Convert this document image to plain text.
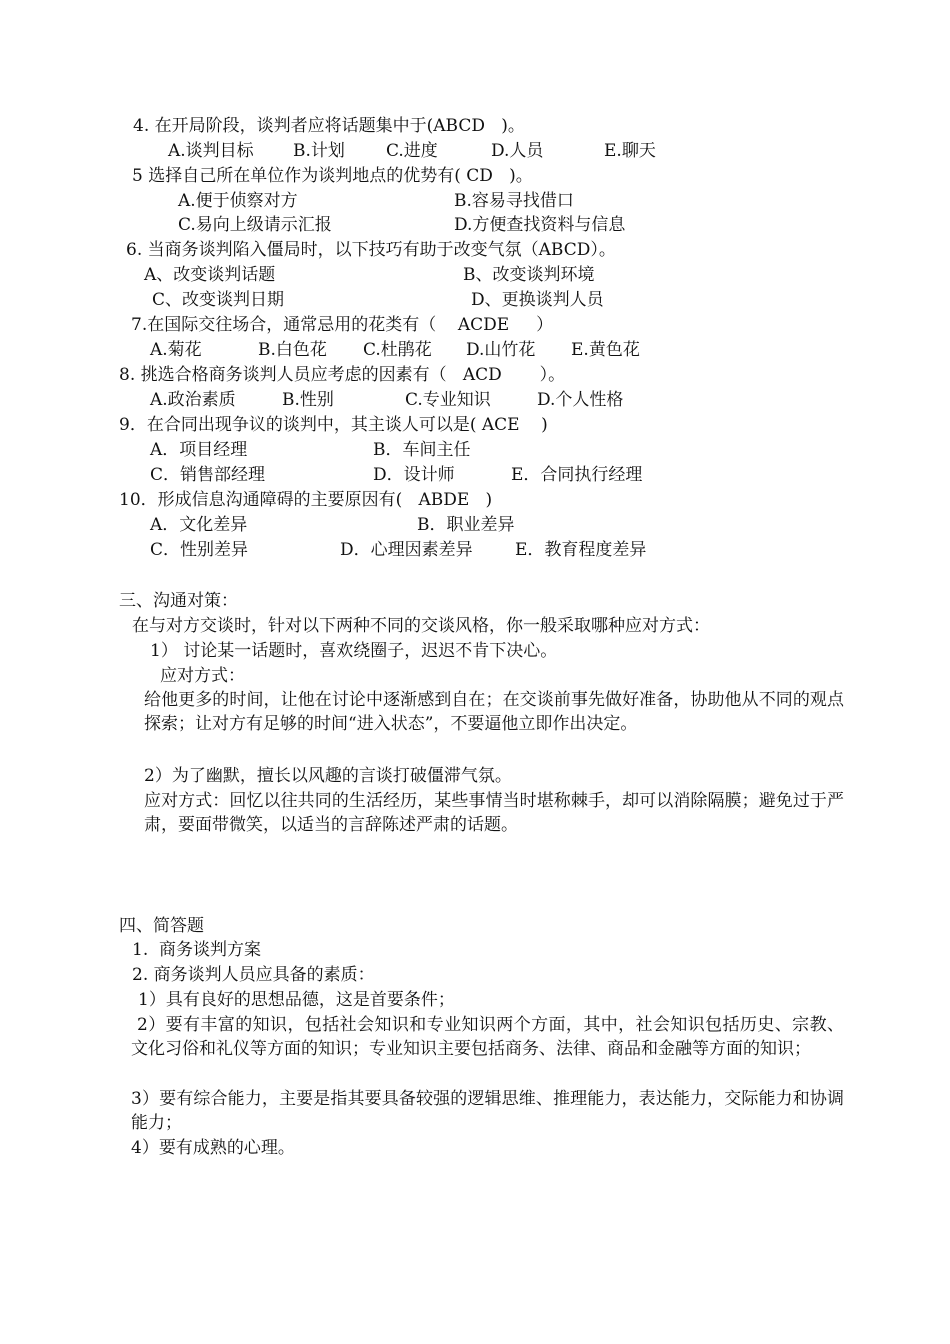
4. 在开局阶段，谈判者应将话题集中于(ABCD   )。
A.谈判目标 B.计划 C.进度	D.人员	E.聊天
5 选择自己所在单位作为谈判地点的优势有( CD   )。
A.便于侦察对方	B.容易寻找借口
C.易向上级请示汇报	D.方便查找资料与信息
6. 当商务谈判陷入僵局时，以下技巧有助于改变气氛（ABCD）。
A、改变谈判话题	B、改变谈判环境
C、改变谈判日期	D、更换谈判人员
7.在国际交往场合，通常忌用的花类有（    ACDE     ）
A.菊花	B.白色花 C.杜鹃花 D.山竹花 E.黄色花
8. 挑选合格商务谈判人员应考虑的因素有（   ACD       ）。
A.政治素质	B.性别	C.专业知识	D.个人性格
9．在合同出现争议的谈判中，其主谈人可以是( ACE    )
A．项目经理	B．车间主任
C．销售部经理	D．设计师	E．合同执行经理
10．形成信息沟通障碍的主要原因有(   ABDE   )
A．文化差异	B．职业差异
C．性别差异	D．心理因素差异 E．教育程度差异
三、沟通对策：
在与对方交谈时，针对以下两种不同的交谈风格，你一般采取哪种应对方式：
1） 讨论某一话题时，喜欢绕圈子，迟迟不肯下决心。
应对方式：
给他更多的时间，让他在讨论中逐渐感到自在；在交谈前事先做好准备，协助他从不同的观点探索；让对方有足够的时间“进入状态”，不要逼他立即作出决定。
2）为了幽默，擅长以风趣的言谈打破僵滞气氛。
应对方式：回忆以往共同的生活经历，某些事情当时堪称棘手，却可以消除隔膜；避免过于严肃，要面带微笑，以适当的言辞陈述严肃的话题。
四、简答题
1.  商务谈判方案
2. 商务谈判人员应具备的素质：
1）具有良好的思想品德，这是首要条件；
2）要有丰富的知识，包括社会知识和专业知识两个方面，其中，社会知识包括历史、宗教、文化习俗和礼仪等方面的知识；专业知识主要包括商务、法律、商品和金融等方面的知识；
3）要有综合能力，主要是指其要具备较强的逻辑思维、推理能力，表达能力，交际能力和协调能力；
4）要有成熟的心理。
